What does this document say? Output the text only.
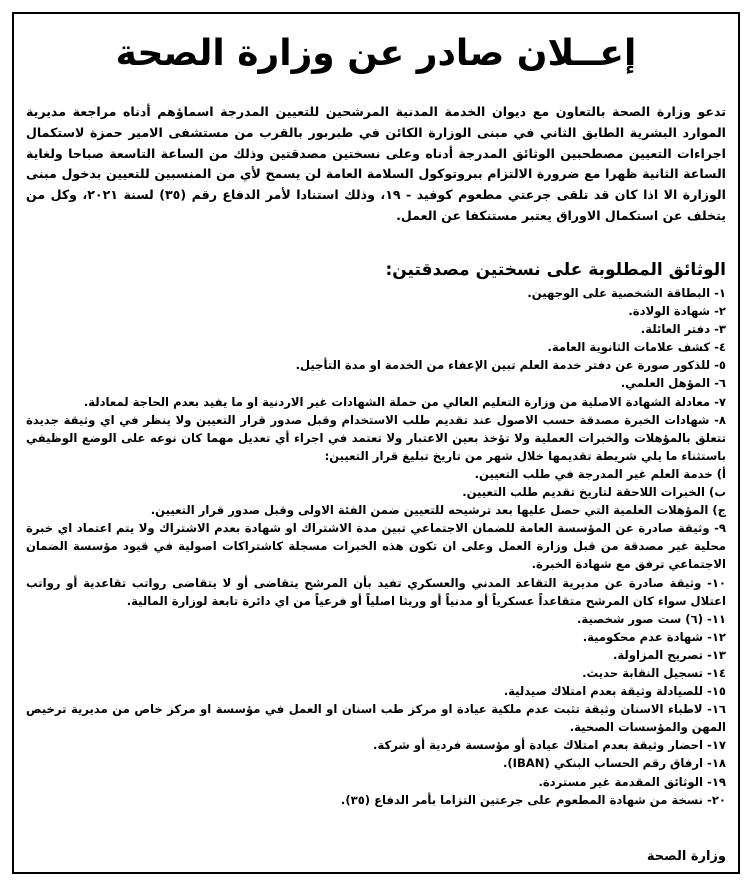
إعــلان صادر عن وزارة الصحة
تدعو وزارة الصحة بالتعاون مع ديوان الخدمة المدنية المرشحين للتعيين المدرجة اسماؤهم أدناه مراجعة مديرية الموارد البشرية الطابق الثاني في مبنى الوزارة الكائن في طبربور بالقرب من مستشفى الامير حمزة لاستكمال اجراءات التعيين مصطحبين الوثائق المدرجة أدناه وعلى نسختين مصدقتين وذلك من الساعة التاسعة صباحا ولغاية الساعة الثانية ظهرا مع ضرورة الالتزام ببروتوكول السلامة العامة لن يسمح لأي من المنسبين للتعيين بدخول مبنى الوزارة الا اذا كان قد تلقى جرعتي مطعوم كوفيد - ١٩، وذلك استنادا لأمر الدفاع رقم (٣٥) لسنة ٢٠٢١، وكل من يتخلف عن استكمال الاوراق يعتبر مستنكفا عن العمل.
الوثائق المطلوبة على نسختين مصدقتين:
١- البطاقة الشخصية على الوجهين.
٢- شهادة الولادة.
٣- دفتر العائلة.
٤- كشف علامات الثانوية العامة.
٥- للذكور صورة عن دفتر خدمة العلم تبين الإعفاء من الخدمة او مدة التأجيل.
٦- المؤهل العلمي.
٧- معادلة الشهادة الاصلية من وزارة التعليم العالي من حملة الشهادات غير الاردنية او ما يفيد بعدم الحاجة لمعادلة.
٨- شهادات الخبرة مصدقة حسب الاصول عند تقديم طلب الاستخدام وقبل صدور قرار التعيين ولا ينظر في اي وثيقة جديدة تتعلق بالمؤهلات والخبرات العملية ولا تؤخذ بعين الاعتبار ولا تعتمد في اجراء أي تعديل مهما كان نوعه على الوضع الوظيفي باستثناء ما يلي شريطة تقديمها خلال شهر من تاريخ تبليغ قرار التعيين:
أ) خدمة العلم غير المدرجة في طلب التعيين.
ب) الخبرات اللاحقة لتاريخ تقديم طلب التعيين.
ج) المؤهلات العلمية التي حصل عليها بعد ترشيحه للتعيين ضمن الفئة الاولى وقبل صدور قرار التعيين.
٩- وثيقة صادرة عن المؤسسة العامة للضمان الاجتماعي تبين مدة الاشتراك او شهادة بعدم الاشتراك ولا يتم اعتماد اي خبرة محلية غير مصدقة من قبل وزارة العمل وعلى ان تكون هذه الخبرات مسجلة كاشتراكات اصولية في قيود مؤسسة الضمان الاجتماعي ترفق مع شهادة الخبرة.
١٠- وثيقة صادرة عن مديرية التقاعد المدني والعسكري تفيد بأن المرشح يتقاضى أو لا يتقاضى رواتب تقاعدية أو رواتب اعتلال سواء كان المرشح متقاعداً عسكرياً أو مدنياً أو وريثا اصلياً أو فرعياً من اي دائرة تابعة لوزارة المالية.
١١- (٦) ست صور شخصية.
١٢- شهادة عدم محكومية.
١٣- تصريح المزاولة.
١٤- تسجيل النقابة حديث.
١٥- للصيادلة وثيقة بعدم امتلاك صيدلية.
١٦- لاطباء الاسنان وثيقة تثبت عدم ملكية عيادة او مركز طب اسنان او العمل في مؤسسة او مركز خاص من مديرية ترخيص المهن والمؤسسات الصحية.
١٧- احضار وثيقة بعدم امتلاك عيادة أو مؤسسة فردية أو شركة.
١٨- ارفاق رقم الحساب البنكي (IBAN).
١٩- الوثائق المقدمة غير مستردة.
٢٠- نسخة من شهادة المطعوم على جرعتين التزاما بأمر الدفاع (٣٥).
وزارة الصحة
